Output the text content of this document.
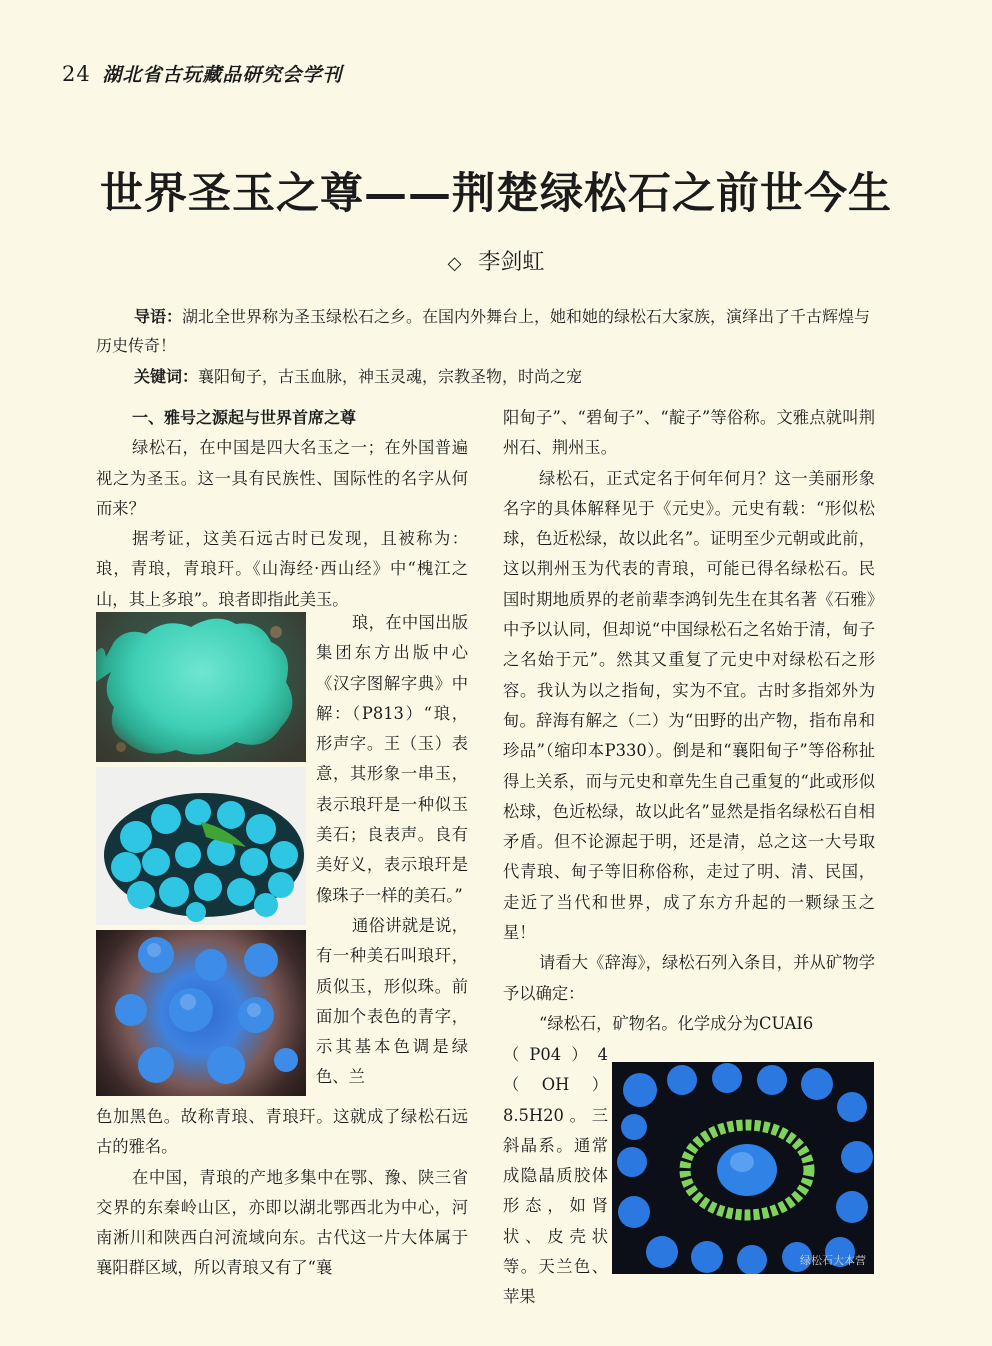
24 湖北省古玩藏品研究会学刊
世界圣玉之尊——荆楚绿松石之前世今生
◇ 李剑虹

导语：湖北全世界称为圣玉绿松石之乡。在国内外舞台上，她和她的绿松石大家族，演绎出了千古辉煌与历史传奇！

关键词：襄阳甸子，古玉血脉，神玉灵魂，宗教圣物，时尚之宠

一、雅号之源起与世界首席之尊

绿松石，在中国是四大名玉之一；在外国普遍视之为圣玉。这一具有民族性、国际性的名字从何而来？

据考证，这美石远古时已发现，且被称为：琅，青琅，青琅玕。《山海经·西山经》中“槐江之山，其上多琅”。琅者即指此美玉。

琅，在中国出版集团东方出版中心《汉字图解字典》中解：（P813）“琅，形声字。王（玉）表意，其形象一串玉，表示琅玕是一种似玉美石；良表声。良有美好义，表示琅玕是像珠子一样的美石。”

通俗讲就是说，有一种美石叫琅玕，质似玉，形似珠。前面加个表色的青字，示其基本色调是绿色、兰

色加黑色。故称青琅、青琅玕。这就成了绿松石远古的雅名。

在中国，青琅的产地多集中在鄂、豫、陕三省交界的东秦岭山区，亦即以湖北鄂西北为中心，河南淅川和陕西白河流域向东。古代这一片大体属于襄阳群区域，所以青琅又有了“襄

阳甸子”、“碧甸子”、“靛子”等俗称。文雅点就叫荆州石、荆州玉。

绿松石，正式定名于何年何月？这一美丽形象名字的具体解释见于《元史》。元史有载：“形似松球，色近松绿，故以此名”。证明至少元朝或此前，这以荆州玉为代表的青琅，可能已得名绿松石。民国时期地质界的老前辈李鸿钊先生在其名著《石雅》中予以认同，但却说“中国绿松石之名始于清，甸子之名始于元”。然其又重复了元史中对绿松石之形容。我认为以之指甸，实为不宜。古时多指郊外为甸。辞海有解之（二）为“田野的出产物，指布帛和珍品”（缩印本P330）。倒是和“襄阳甸子”等俗称扯得上关系，而与元史和章先生自己重复的“此或形似松球，色近松绿，故以此名”显然是指名绿松石自相矛盾。但不论源起于明，还是清，总之这一大号取代青琅、甸子等旧称俗称，走过了明、清、民国，走近了当代和世界，成了东方升起的一颗绿玉之星！

请看大《辞海》，绿松石列入条目，并从矿物学予以确定：

“绿松石，矿物名。化学成分为CUAI6

（P04）4（OH）8.5H20。三斜晶系。通常成隐晶质胶体形态，如肾状、皮壳状等。天兰色、苹果

绿松石大本营
